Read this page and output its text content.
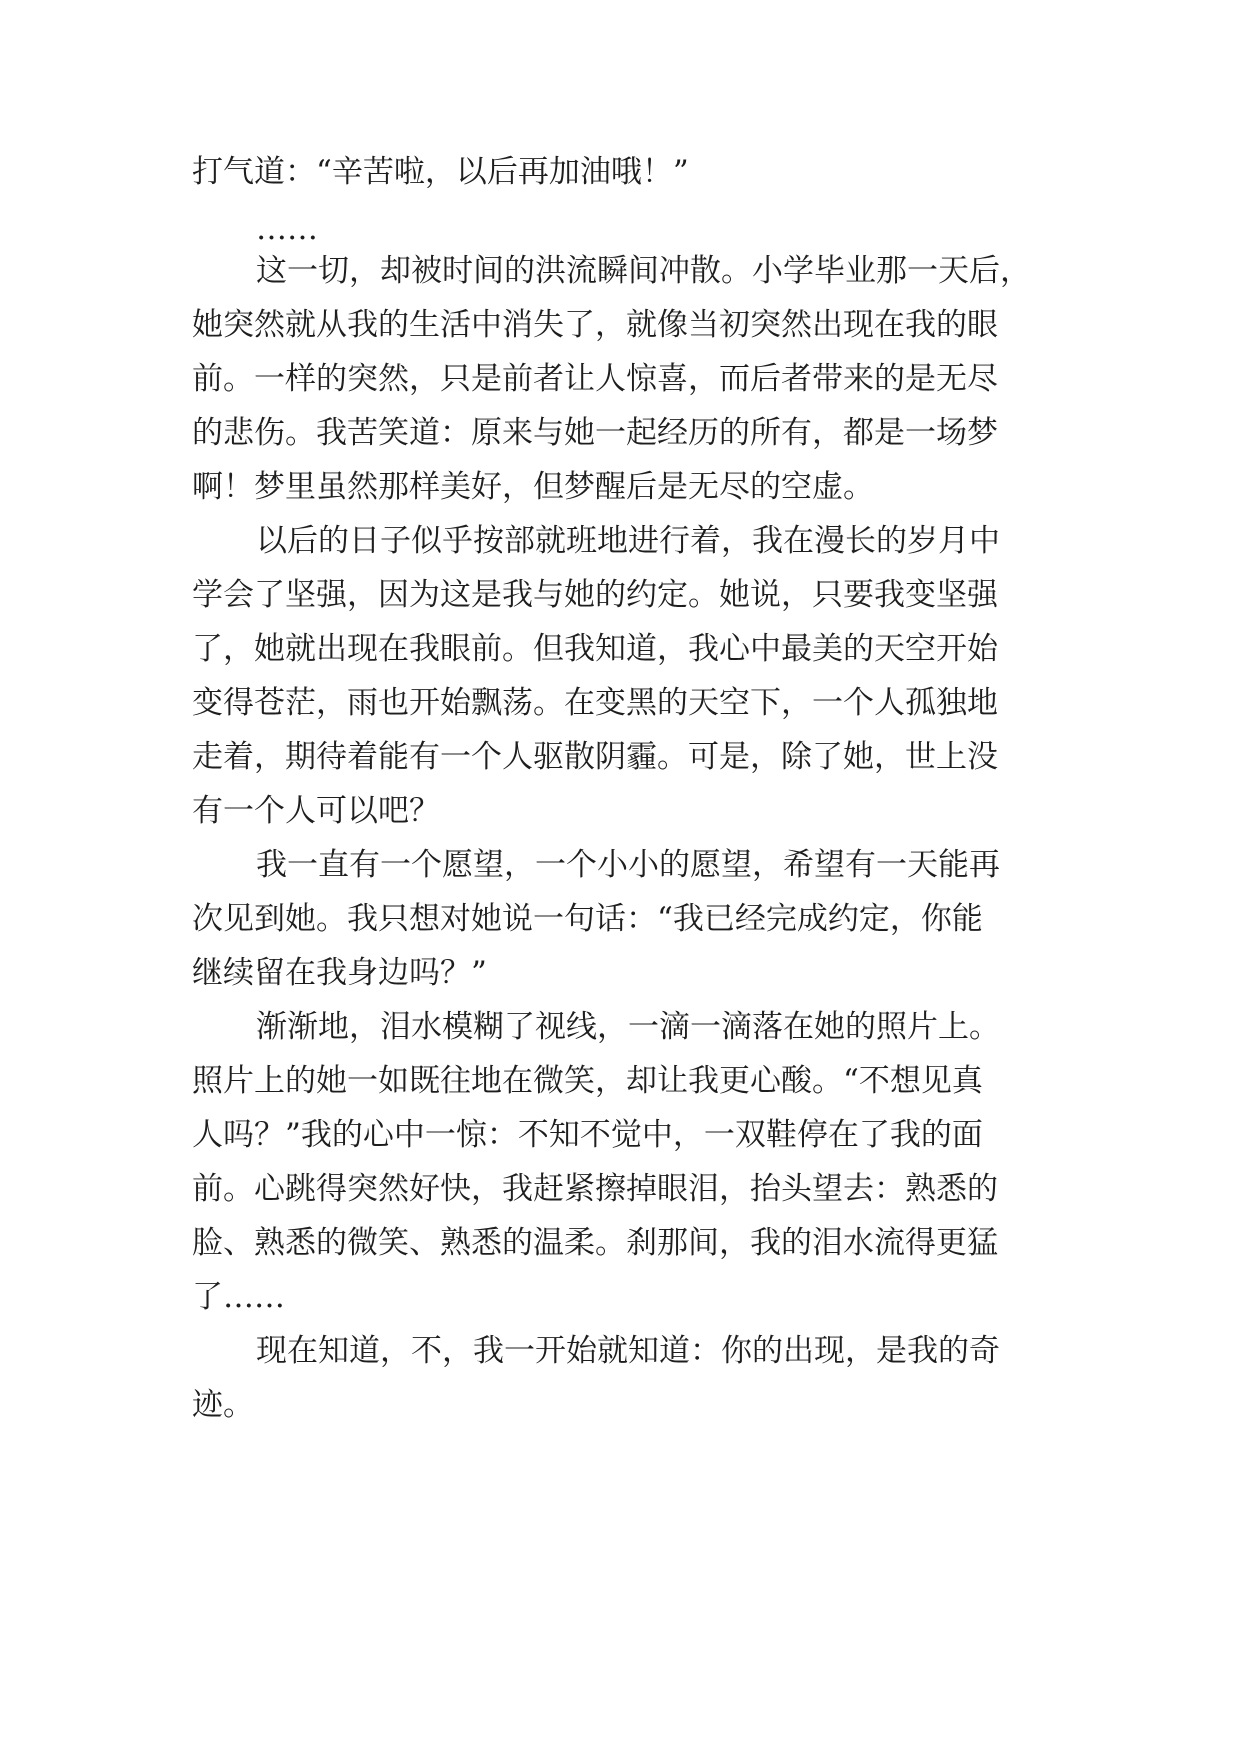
打气道：“辛苦啦，以后再加油哦！”
……
这一切，却被时间的洪流瞬间冲散。小学毕业那一天后，
她突然就从我的生活中消失了，就像当初突然出现在我的眼
前。一样的突然，只是前者让人惊喜，而后者带来的是无尽
的悲伤。我苦笑道：原来与她一起经历的所有，都是一场梦
啊！梦里虽然那样美好，但梦醒后是无尽的空虚。
以后的日子似乎按部就班地进行着，我在漫长的岁月中
学会了坚强，因为这是我与她的约定。她说，只要我变坚强
了，她就出现在我眼前。但我知道，我心中最美的天空开始
变得苍茫，雨也开始飘荡。在变黑的天空下，一个人孤独地
走着，期待着能有一个人驱散阴霾。可是，除了她，世上没
有一个人可以吧？
我一直有一个愿望，一个小小的愿望，希望有一天能再
次见到她。我只想对她说一句话：“我已经完成约定，你能
继续留在我身边吗？”
渐渐地，泪水模糊了视线，一滴一滴落在她的照片上。
照片上的她一如既往地在微笑，却让我更心酸。“不想见真
人吗？”我的心中一惊：不知不觉中，一双鞋停在了我的面
前。心跳得突然好快，我赶紧擦掉眼泪，抬头望去：熟悉的
脸、熟悉的微笑、熟悉的温柔。刹那间，我的泪水流得更猛
了……
现在知道，不，我一开始就知道：你的出现，是我的奇
迹。
